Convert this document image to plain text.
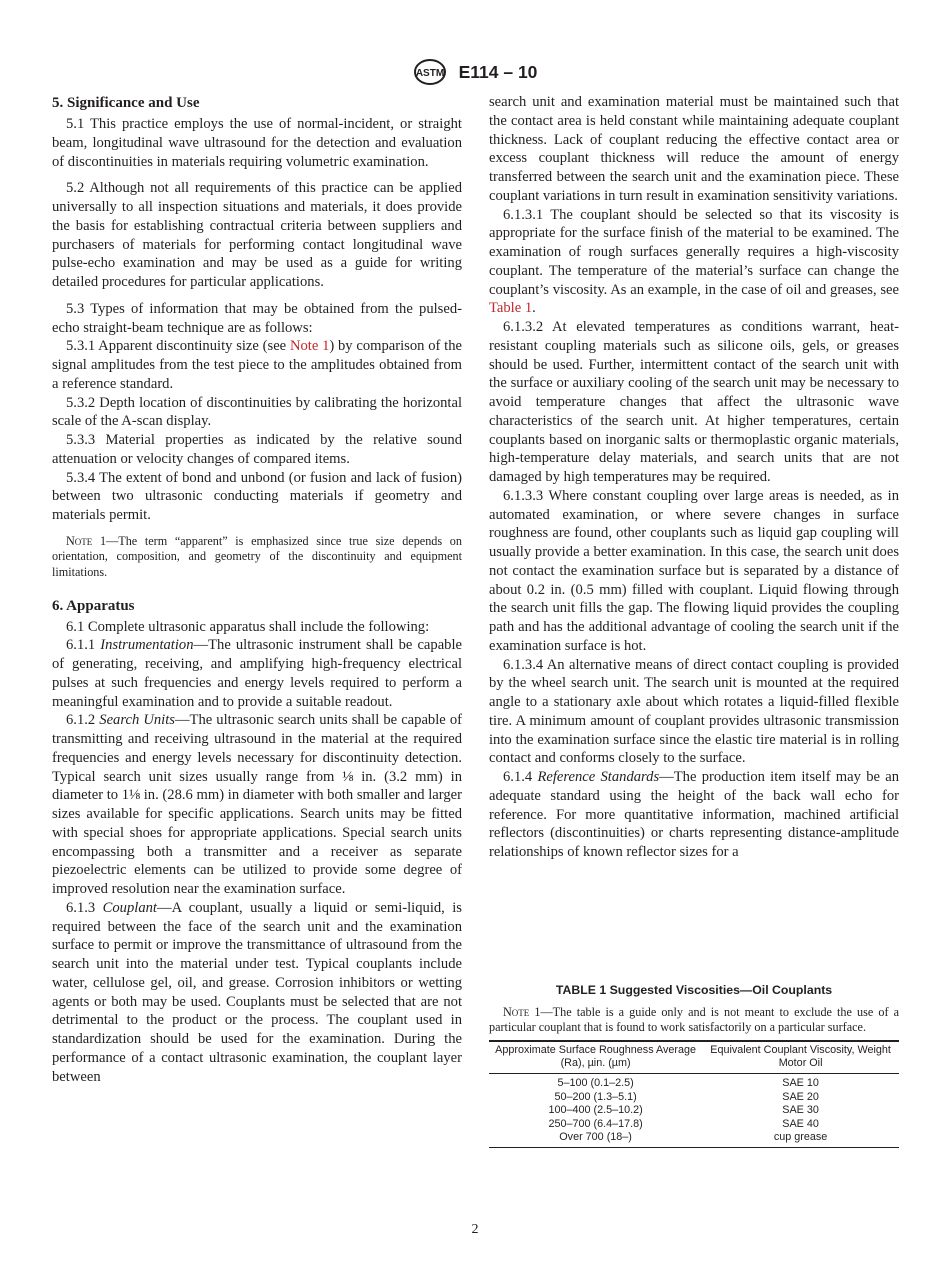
ASTM E114 – 10
5. Significance and Use

5.1 This practice employs the use of normal-incident, or straight beam, longitudinal wave ultrasound for the detection and evaluation of discontinuities in materials requiring volumetric examination.

5.2 Although not all requirements of this practice can be applied universally to all inspection situations and materials, it does provide the basis for establishing contractual criteria between suppliers and purchasers of materials for performing contact longitudinal wave pulse-echo examination and may be used as a guide for writing detailed procedures for particular applications.

5.3 Types of information that may be obtained from the pulsed-echo straight-beam technique are as follows:

5.3.1 Apparent discontinuity size (see Note 1) by comparison of the signal amplitudes from the test piece to the amplitudes obtained from a reference standard.

5.3.2 Depth location of discontinuities by calibrating the horizontal scale of the A-scan display.

5.3.3 Material properties as indicated by the relative sound attenuation or velocity changes of compared items.

5.3.4 The extent of bond and unbond (or fusion and lack of fusion) between two ultrasonic conducting materials if geometry and materials permit.

Note 1—The term “apparent” is emphasized since true size depends on orientation, composition, and geometry of the discontinuity and equipment limitations.

6. Apparatus

6.1 Complete ultrasonic apparatus shall include the following:

6.1.1 Instrumentation—The ultrasonic instrument shall be capable of generating, receiving, and amplifying high-frequency electrical pulses at such frequencies and energy levels required to perform a meaningful examination and to provide a suitable readout.

6.1.2 Search Units—The ultrasonic search units shall be capable of transmitting and receiving ultrasound in the material at the required frequencies and energy levels necessary for discontinuity detection. Typical search unit sizes usually range from ⅛ in. (3.2 mm) in diameter to 1⅛ in. (28.6 mm) in diameter with both smaller and larger sizes available for specific applications. Search units may be fitted with special shoes for appropriate applications. Special search units encompassing both a transmitter and a receiver as separate piezoelectric elements can be utilized to provide some degree of improved resolution near the examination surface.

6.1.3 Couplant—A couplant, usually a liquid or semi-liquid, is required between the face of the search unit and the examination surface to permit or improve the transmittance of ultrasound from the search unit into the material under test. Typical couplants include water, cellulose gel, oil, and grease. Corrosion inhibitors or wetting agents or both may be used. Couplants must be selected that are not detrimental to the product or the process. The couplant used in standardization should be used for the examination. During the performance of a contact ultrasonic examination, the couplant layer between

search unit and examination material must be maintained such that the contact area is held constant while maintaining adequate couplant thickness. Lack of couplant reducing the effective contact area or excess couplant thickness will reduce the amount of energy transferred between the search unit and the examination piece. These couplant variations in turn result in examination sensitivity variations.

6.1.3.1 The couplant should be selected so that its viscosity is appropriate for the surface finish of the material to be examined. The examination of rough surfaces generally requires a high-viscosity couplant. The temperature of the material’s surface can change the couplant’s viscosity. As an example, in the case of oil and greases, see Table 1.

6.1.3.2 At elevated temperatures as conditions warrant, heat-resistant coupling materials such as silicone oils, gels, or greases should be used. Further, intermittent contact of the search unit with the surface or auxiliary cooling of the search unit may be necessary to avoid temperature changes that affect the ultrasonic wave characteristics of the search unit. At higher temperatures, certain couplants based on inorganic salts or thermoplastic organic materials, high-temperature delay materials, and search units that are not damaged by high temperatures may be required.

6.1.3.3 Where constant coupling over large areas is needed, as in automated examination, or where severe changes in surface roughness are found, other couplants such as liquid gap coupling will usually provide a better examination. In this case, the search unit does not contact the examination surface but is separated by a distance of about 0.2 in. (0.5 mm) filled with couplant. Liquid flowing through the search unit fills the gap. The flowing liquid provides the coupling path and has the additional advantage of cooling the search unit if the examination surface is hot.

6.1.3.4 An alternative means of direct contact coupling is provided by the wheel search unit. The search unit is mounted at the required angle to a stationary axle about which rotates a liquid-filled flexible tire. A minimum amount of couplant provides ultrasonic transmission into the examination surface since the elastic tire material is in rolling contact and conforms closely to the surface.

6.1.4 Reference Standards—The production item itself may be an adequate standard using the height of the back wall echo for reference. For more quantitative information, machined artificial reflectors (discontinuities) or charts representing distance-amplitude relationships of known reflector sizes for a

TABLE 1 Suggested Viscosities—Oil Couplants

Note 1—The table is a guide only and is not meant to exclude the use of a particular couplant that is found to work satisfactorily on a particular surface.

Approximate Surface Roughness Average (Ra), µin. (µm)	Equivalent Couplant Viscosity, Weight Motor Oil
5–100 (0.1–2.5)	SAE 10
50–200 (1.3–5.1)	SAE 20
100–400 (2.5–10.2)	SAE 30
250–700 (6.4–17.8)	SAE 40
Over 700 (18–)	cup grease
2
